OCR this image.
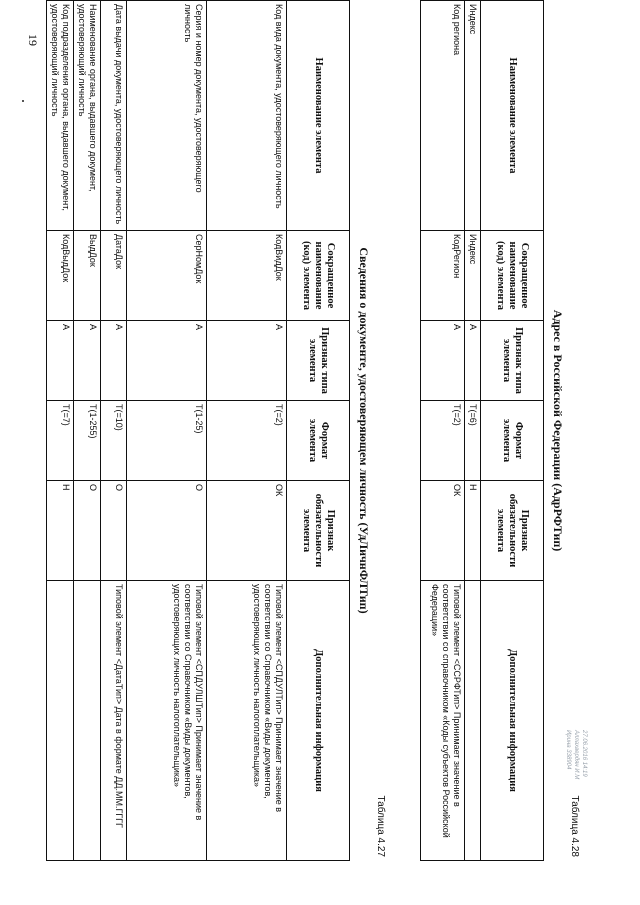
19
Таблица 4.27
Сведения о документе, удостоверяющем личность (УдЛичнФЛТип)
Наименование элемента	Сокращенное наименование (код) элемента	Признак типа элемента	Формат элемента	Признак обязательности элемента	Дополнительная информация
Код вида документа, удостоверяющего личность	КодВидДок	А	Т(=2)	ОК	Типовой элемент <СПДУЛТип> Принимает значение в соответствии со Справочником «Виды документов, удостоверяющих личность налогоплательщика»
Серия и номер документа, удостоверяющего личность	СерНомДок	А	Т(1-25)	О	Типовой элемент <СПДУЛШТип> Принимает значение в соответствии со Справочником «Виды документов, удостоверяющих личность налогоплательщика»
Дата выдачи документа, удостоверяющего личность	ДатаДок	А	Т(=10)	О	Типовой элемент <ДатаТип> Дата в формате ДД.ММ.ГГГГ
Наименование органа, выдавшего документ, удостоверяющий личность	ВыдДок	А	Т(1-255)	О	
Код подразделения органа, выдавшего документ, удостоверяющий личность	КодВыдДок	А	Т(=7)	Н	
Таблица 4.28
Адрес в Российской Федерации (АдрРФТип)
Наименование элемента	Сокращенное наименование (код) элемента	Признак типа элемента	Формат элемента	Признак обязательности элемента	Дополнительная информация
Индекс	Индекс	А	Т(=6)	Н	
Код региона	КодРегион	А	Т(=2)	ОК	Типовой элемент <ССРФТип> Принимает значение в соответствии со справочником «Коды субъектов Российской Федерации»
27.06.2016 14:19
Аллахвердян И.М Ирина 338904
